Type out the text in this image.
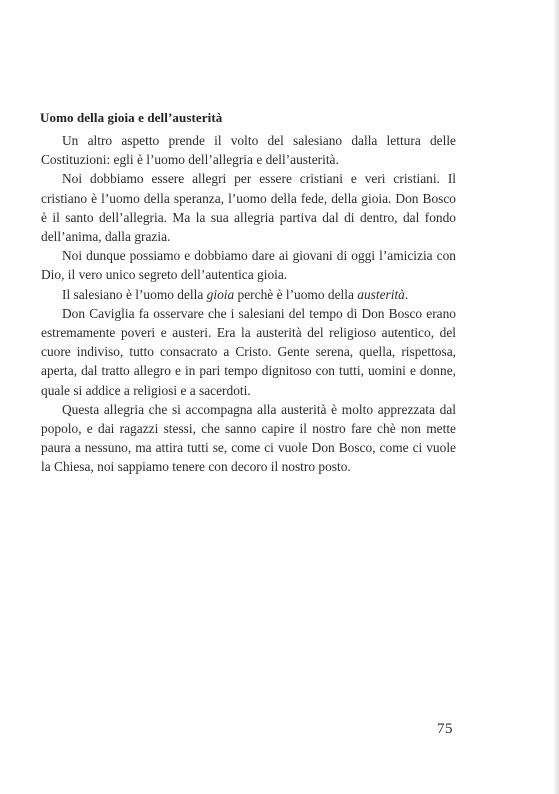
Uomo della gioia e dell’austerità

Un altro aspetto prende il volto del salesiano dalla lettura delle Costituzioni: egli è l’uomo dell’allegria e dell’austerità.

Noi dobbiamo essere allegri per essere cristiani e veri cristiani. Il cristiano è l’uomo della speranza, l’uomo della fede, della gioia. Don Bosco è il santo dell’allegria. Ma la sua allegria partiva dal di dentro, dal fondo dell’anima, dalla grazia.

Noi dunque possiamo e dobbiamo dare ai giovani di oggi l’amicizia con Dio, il vero unico segreto dell’autentica gioia.

Il salesiano è l’uomo della gioia perchè è l’uomo della austerità.

Don Caviglia fa osservare che i salesiani del tempo di Don Bosco erano estremamente poveri e austeri. Era la austerità del religioso autentico, del cuore indiviso, tutto consacrato a Cristo. Gente serena, quella, rispettosa, aperta, dal tratto allegro e in pari tempo dignitoso con tutti, uomini e donne, quale si addice a religiosi e a sacerdoti.

Questa allegria che si accompagna alla austerità è molto apprezzata dal popolo, e dai ragazzi stessi, che sanno capire il nostro fare chè non mette paura a nessuno, ma attira tutti se, come ci vuole Don Bosco, come ci vuole la Chiesa, noi sappiamo tenere con decoro il nostro posto.

75
